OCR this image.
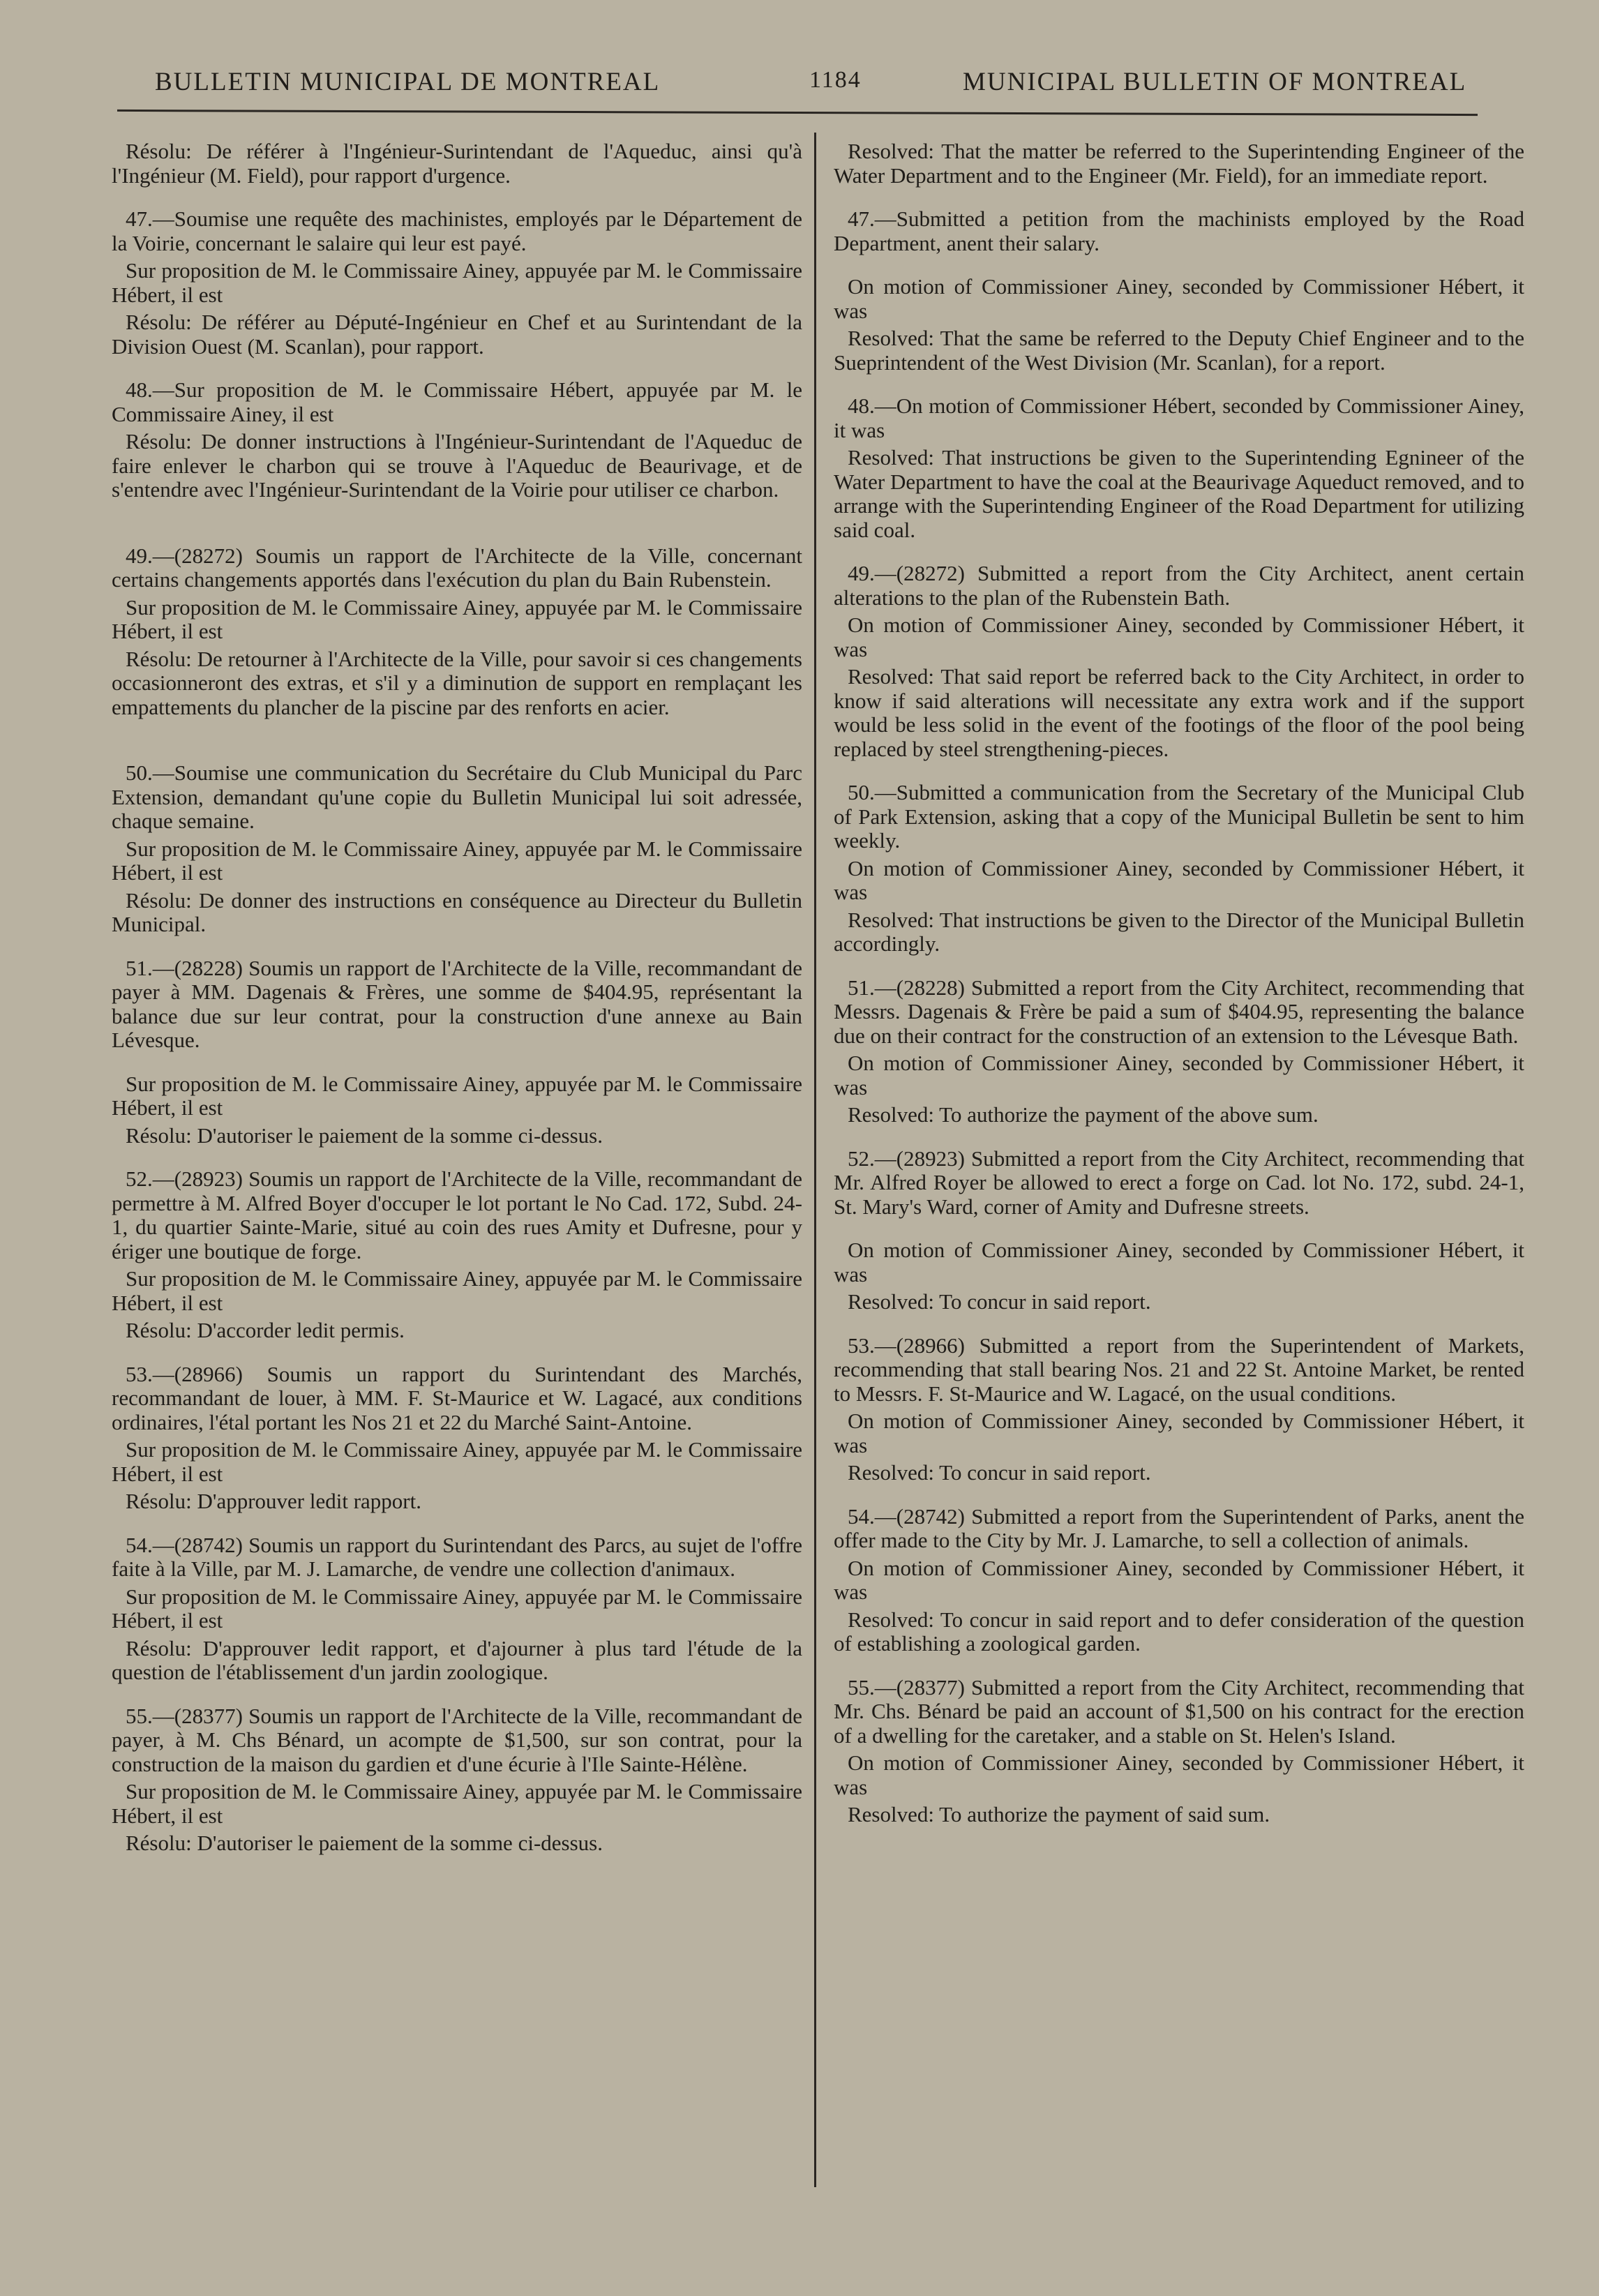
BULLETIN MUNICIPAL DE MONTREAL	1184	MUNICIPAL BULLETIN OF MONTREAL

Résolu: De référer à l'Ingénieur-Surintendant de l'Aqueduc, ainsi qu'à l'Ingénieur (M. Field), pour rapport d'urgence.

47.—Soumise une requête des machinistes, employés par le Département de la Voirie, concernant le salaire qui leur est payé.

Sur proposition de M. le Commissaire Ainey, appuyée par M. le Commissaire Hébert, il est

Résolu: De référer au Député-Ingénieur en Chef et au Surintendant de la Division Ouest (M. Scanlan), pour rapport.

48.—Sur proposition de M. le Commissaire Hébert, appuyée par M. le Commissaire Ainey, il est

Résolu: De donner instructions à l'Ingénieur-Surintendant de l'Aqueduc de faire enlever le charbon qui se trouve à l'Aqueduc de Beaurivage, et de s'entendre avec l'Ingénieur-Surintendant de la Voirie pour utiliser ce charbon.

49.—(28272) Soumis un rapport de l'Architecte de la Ville, concernant certains changements apportés dans l'exécution du plan du Bain Rubenstein.

Sur proposition de M. le Commissaire Ainey, appuyée par M. le Commissaire Hébert, il est

Résolu: De retourner à l'Architecte de la Ville, pour savoir si ces changements occasionneront des extras, et s'il y a diminution de support en remplaçant les empattements du plancher de la piscine par des renforts en acier.

50.—Soumise une communication du Secrétaire du Club Municipal du Parc Extension, demandant qu'une copie du Bulletin Municipal lui soit adressée, chaque semaine.

Sur proposition de M. le Commissaire Ainey, appuyée par M. le Commissaire Hébert, il est

Résolu: De donner des instructions en conséquence au Directeur du Bulletin Municipal.

51.—(28228) Soumis un rapport de l'Architecte de la Ville, recommandant de payer à MM. Dagenais & Frères, une somme de $404.95, représentant la balance due sur leur contrat, pour la construction d'une annexe au Bain Lévesque.

Sur proposition de M. le Commissaire Ainey, appuyée par M. le Commissaire Hébert, il est

Résolu: D'autoriser le paiement de la somme ci-dessus.

52.—(28923) Soumis un rapport de l'Architecte de la Ville, recommandant de permettre à M. Alfred Boyer d'occuper le lot portant le No Cad. 172, Subd. 24-1, du quartier Sainte-Marie, situé au coin des rues Amity et Dufresne, pour y ériger une boutique de forge.

Sur proposition de M. le Commissaire Ainey, appuyée par M. le Commissaire Hébert, il est

Résolu: D'accorder ledit permis.

53.—(28966) Soumis un rapport du Surintendant des Marchés, recommandant de louer, à MM. F. St-Maurice et W. Lagacé, aux conditions ordinaires, l'étal portant les Nos 21 et 22 du Marché Saint-Antoine.

Sur proposition de M. le Commissaire Ainey, appuyée par M. le Commissaire Hébert, il est

Résolu: D'approuver ledit rapport.

54.—(28742) Soumis un rapport du Surintendant des Parcs, au sujet de l'offre faite à la Ville, par M. J. Lamarche, de vendre une collection d'animaux.

Sur proposition de M. le Commissaire Ainey, appuyée par M. le Commissaire Hébert, il est

Résolu: D'approuver ledit rapport, et d'ajourner à plus tard l'étude de la question de l'établissement d'un jardin zoologique.

55.—(28377) Soumis un rapport de l'Architecte de la Ville, recommandant de payer, à M. Chs Bénard, un acompte de $1,500, sur son contrat, pour la construction de la maison du gardien et d'une écurie à l'Ile Sainte-Hélène.

Sur proposition de M. le Commissaire Ainey, appuyée par M. le Commissaire Hébert, il est

Résolu: D'autoriser le paiement de la somme ci-dessus.

Resolved: That the matter be referred to the Superintending Engineer of the Water Department and to the Engineer (Mr. Field), for an immediate report.

47.—Submitted a petition from the machinists employed by the Road Department, anent their salary.

On motion of Commissioner Ainey, seconded by Commissioner Hébert, it was

Resolved: That the same be referred to the Deputy Chief Engineer and to the Sueprintendent of the West Division (Mr. Scanlan), for a report.

48.—On motion of Commissioner Hébert, seconded by Commissioner Ainey, it was

Resolved: That instructions be given to the Superintending Egnineer of the Water Department to have the coal at the Beaurivage Aqueduct removed, and to arrange with the Superintending Engineer of the Road Department for utilizing said coal.

49.—(28272) Submitted a report from the City Architect, anent certain alterations to the plan of the Rubenstein Bath.

On motion of Commissioner Ainey, seconded by Commissioner Hébert, it was

Resolved: That said report be referred back to the City Architect, in order to know if said alterations will necessitate any extra work and if the support would be less solid in the event of the footings of the floor of the pool being replaced by steel strengthening-pieces.

50.—Submitted a communication from the Secretary of the Municipal Club of Park Extension, asking that a copy of the Municipal Bulletin be sent to him weekly.

On motion of Commissioner Ainey, seconded by Commissioner Hébert, it was

Resolved: That instructions be given to the Director of the Municipal Bulletin accordingly.

51.—(28228) Submitted a report from the City Architect, recommending that Messrs. Dagenais & Frère be paid a sum of $404.95, representing the balance due on their contract for the construction of an extension to the Lévesque Bath.

On motion of Commissioner Ainey, seconded by Commissioner Hébert, it was

Resolved: To authorize the payment of the above sum.

52.—(28923) Submitted a report from the City Architect, recommending that Mr. Alfred Royer be allowed to erect a forge on Cad. lot No. 172, subd. 24-1, St. Mary's Ward, corner of Amity and Dufresne streets.

On motion of Commissioner Ainey, seconded by Commissioner Hébert, it was

Resolved: To concur in said report.

53.—(28966) Submitted a report from the Superintendent of Markets, recommending that stall bearing Nos. 21 and 22 St. Antoine Market, be rented to Messrs. F. St-Maurice and W. Lagacé, on the usual conditions.

On motion of Commissioner Ainey, seconded by Commissioner Hébert, it was

Resolved: To concur in said report.

54.—(28742) Submitted a report from the Superintendent of Parks, anent the offer made to the City by Mr. J. Lamarche, to sell a collection of animals.

On motion of Commissioner Ainey, seconded by Commissioner Hébert, it was

Resolved: To concur in said report and to defer consideration of the question of establishing a zoological garden.

55.—(28377) Submitted a report from the City Architect, recommending that Mr. Chs. Bénard be paid an account of $1,500 on his contract for the erection of a dwelling for the caretaker, and a stable on St. Helen's Island.

On motion of Commissioner Ainey, seconded by Commissioner Hébert, it was

Resolved: To authorize the payment of said sum.
